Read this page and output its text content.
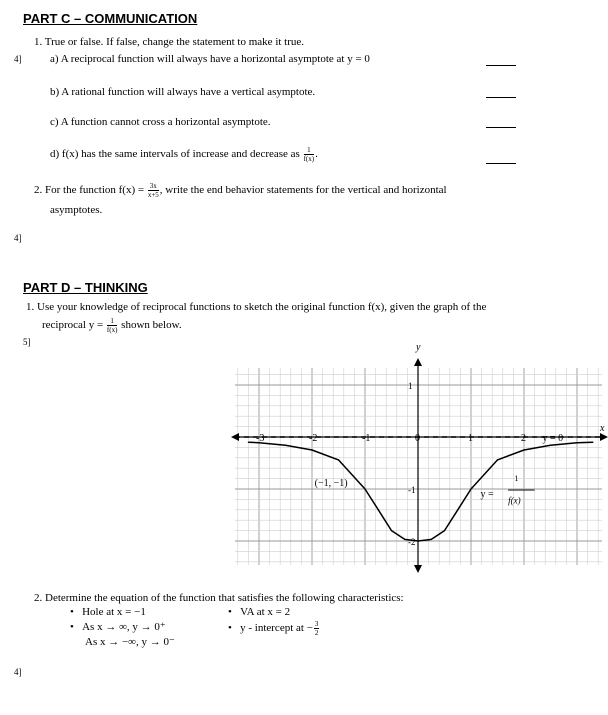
PART C – COMMUNICATION
1. True or false. If false, change the statement to make it true.
4]	a) A reciprocal function will always have a horizontal asymptote at y = 0
b) A rational function will always have a vertical asymptote.
c) A function cannot cross a horizontal asymptote.
d) f(x) has the same intervals of increase and decrease as $\frac{1}{f(x)}$ .
2. For the function $f(x) = \frac{3x}{x+5}$ , write the end behavior statements for the vertical and horizontal
asymptotes.
4]
PART D – THINKING
1. Use your knowledge of reciprocal functions to sketch the original function f(x), given the graph of the
reciprocal $y = \frac{1}{f(x)}$ shown below.
5]
x
y
-3	-2	-1	0	1	2
1
-1
-2
y = 0
(−1, −1)
y =
1
f(x)
2. Determine the equation of the function that satisfies the following characteristics:
•   Hole at x = −1
•   As x → ∞, y → 0⁺
As x → −∞, y → 0⁻
•   VA at x = 2
•   y - intercept at − $\frac{3}{2}$
4]
